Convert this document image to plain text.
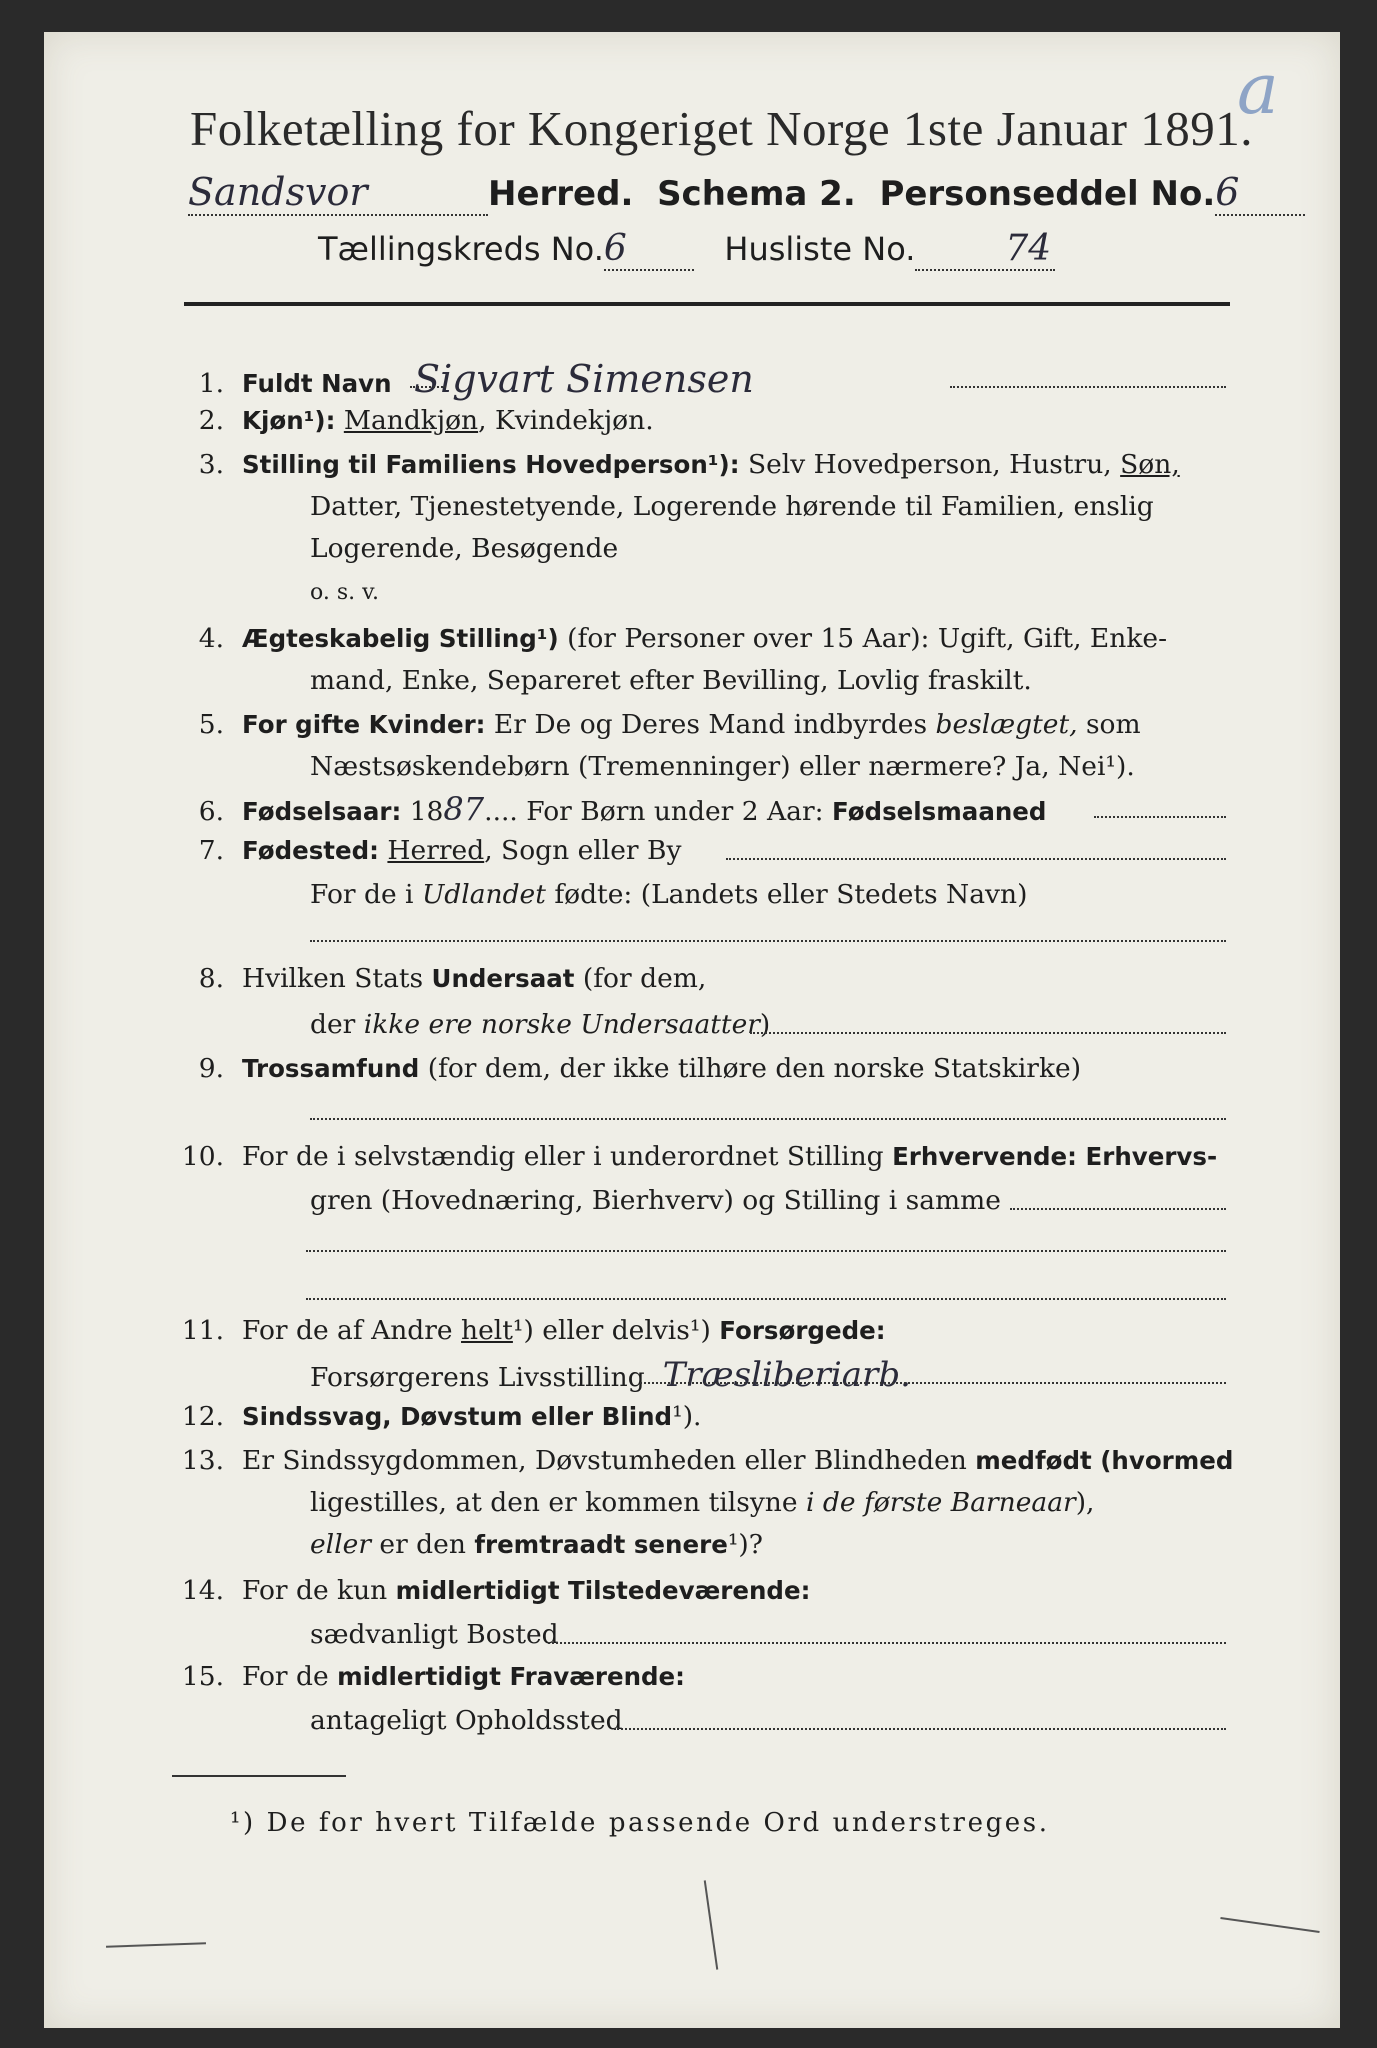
Folketælling for Kongeriget Norge 1ste Januar 1891.
a
Sandsvor	Herred. Schema 2. Personseddel No.6
Tællingskreds No.6	Husliste No.	74
1. Fuldt Navn Sigvart Simensen
2. Kjøn¹): Mandkjøn, Kvindekjøn.
3. Stilling til Familiens Hovedperson¹): Selv Hovedperson, Hustru, Søn,
Datter, Tjenestetyende, Logerende hørende til Familien, enslig
Logerende, Besøgende
o. s. v.
4. Ægteskabelig Stilling¹) (for Personer over 15 Aar): Ugift, Gift, Enke-
mand, Enke, Separeret efter Bevilling, Lovlig fraskilt.
5. For gifte Kvinder: Er De og Deres Mand indbyrdes beslægtet, som
Næstsøskendebørn (Tremenninger) eller nærmere? Ja, Nei¹).
6. Fødselsaar: 1887.... For Børn under 2 Aar: Fødselsmaaned
7. Fødested: Herred, Sogn eller By
For de i Udlandet fødte: (Landets eller Stedets Navn)
8. Hvilken Stats Undersaat (for dem,
der ikke ere norske Undersaatter)
9. Trossamfund (for dem, der ikke tilhøre den norske Statskirke)
10. For de i selvstændig eller i underordnet Stilling Erhvervende: Erhvervs-
gren (Hovednæring, Bierhverv) og Stilling i samme
11. For de af Andre helt¹) eller delvis¹) Forsørgede:
Forsørgerens Livsstilling Træsliberiarb.
12. Sindssvag, Døvstum eller Blind¹).
13. Er Sindssygdommen, Døvstumheden eller Blindheden medfødt (hvormed
ligestilles, at den er kommen tilsyne i de første Barneaar),
eller er den fremtraadt senere¹)?
14. For de kun midlertidigt Tilstedeværende:
sædvanligt Bosted
15. For de midlertidigt Fraværende:
antageligt Opholdssted
¹) De for hvert Tilfælde passende Ord understreges.
